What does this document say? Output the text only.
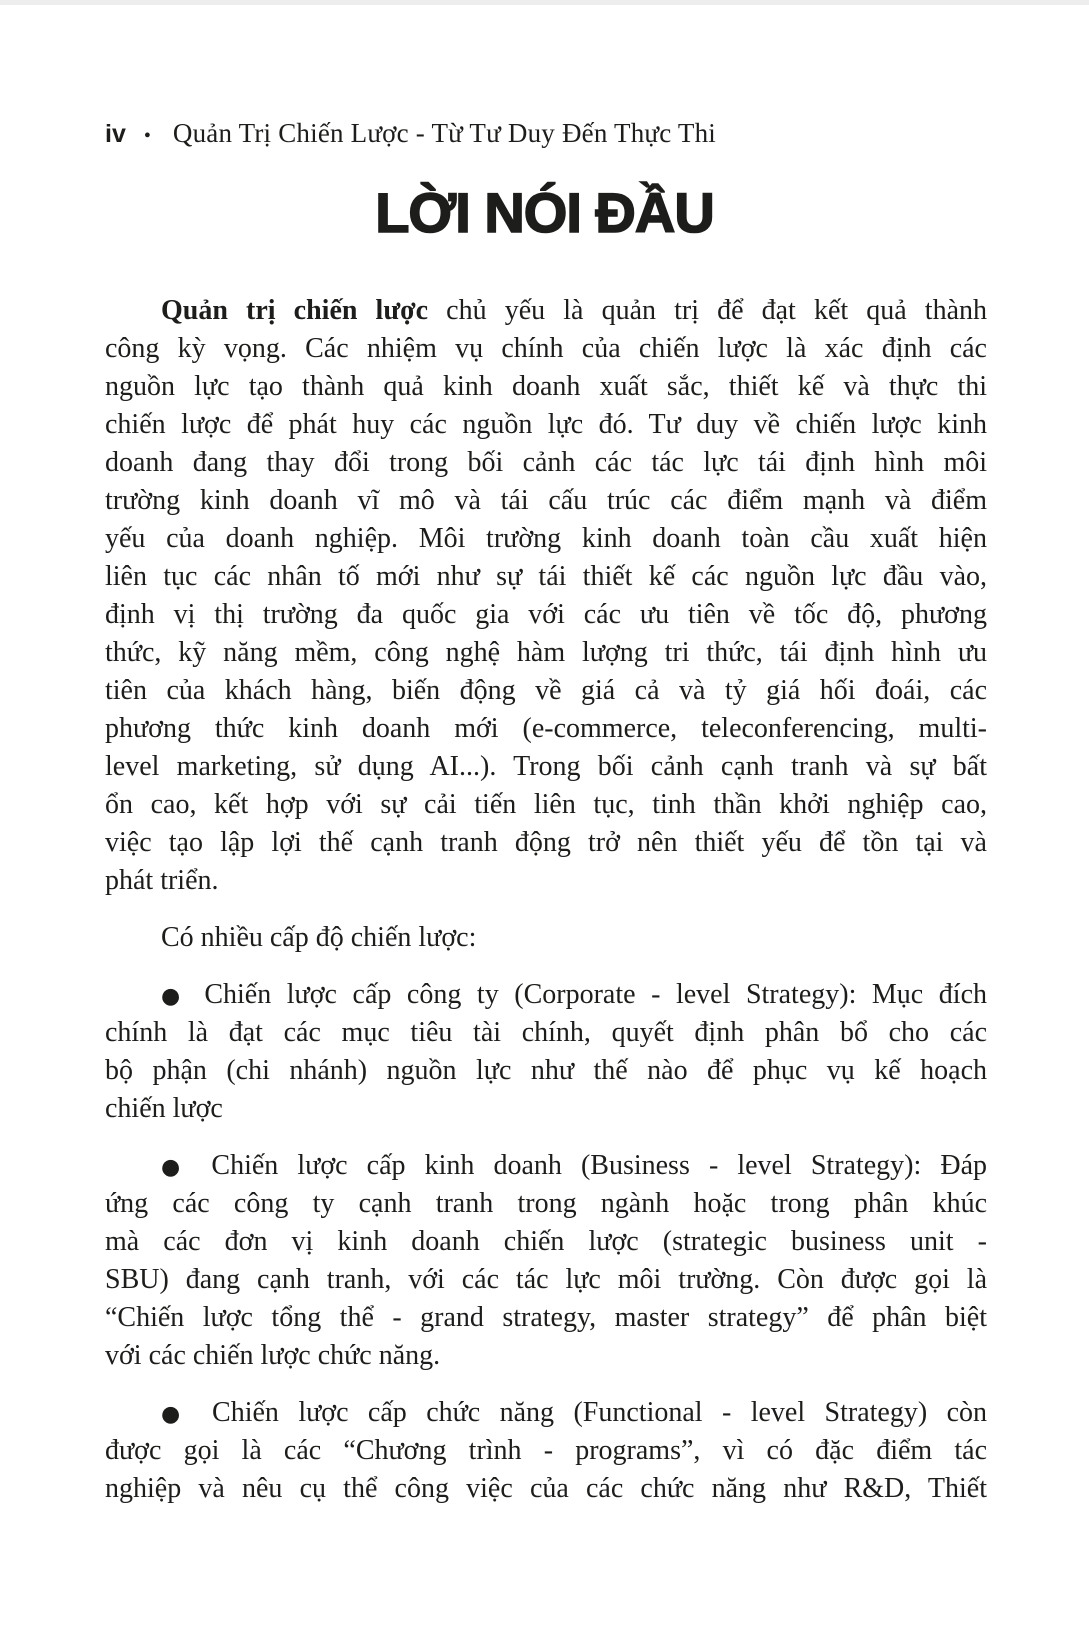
iv • Quản Trị Chiến Lược - Từ Tư Duy Đến Thực Thi
LỜI NÓI ĐẦU
Quản trị chiến lược chủ yếu là quản trị để đạt kết quả thành
công kỳ vọng. Các nhiệm vụ chính của chiến lược là xác định các
nguồn lực tạo thành quả kinh doanh xuất sắc, thiết kế và thực thi
chiến lược để phát huy các nguồn lực đó. Tư duy về chiến lược kinh
doanh đang thay đổi trong bối cảnh các tác lực tái định hình môi
trường kinh doanh vĩ mô và tái cấu trúc các điểm mạnh và điểm
yếu của doanh nghiệp. Môi trường kinh doanh toàn cầu xuất hiện
liên tục các nhân tố mới như sự tái thiết kế các nguồn lực đầu vào,
định vị thị trường đa quốc gia với các ưu tiên về tốc độ, phương
thức, kỹ năng mềm, công nghệ hàm lượng tri thức, tái định hình ưu
tiên của khách hàng, biến động về giá cả và tỷ giá hối đoái, các
phương thức kinh doanh mới (e-commerce, teleconferencing, multi-
level marketing, sử dụng AI...). Trong bối cảnh cạnh tranh và sự bất
ổn cao, kết hợp với sự cải tiến liên tục, tinh thần khởi nghiệp cao,
việc tạo lập lợi thế cạnh tranh động trở nên thiết yếu để tồn tại và
phát triển.
Có nhiều cấp độ chiến lược:
● Chiến lược cấp công ty (Corporate - level Strategy): Mục đích
chính là đạt các mục tiêu tài chính, quyết định phân bổ cho các
bộ phận (chi nhánh) nguồn lực như thế nào để phục vụ kế hoạch
chiến lược
● Chiến lược cấp kinh doanh (Business - level Strategy): Đáp
ứng các công ty cạnh tranh trong ngành hoặc trong phân khúc
mà các đơn vị kinh doanh chiến lược (strategic business unit -
SBU) đang cạnh tranh, với các tác lực môi trường. Còn được gọi là
“Chiến lược tổng thể - grand strategy, master strategy” để phân biệt
với các chiến lược chức năng.
● Chiến lược cấp chức năng (Functional - level Strategy) còn
được gọi là các “Chương trình - programs”, vì có đặc điểm tác
nghiệp và nêu cụ thể công việc của các chức năng như R&D, Thiết
